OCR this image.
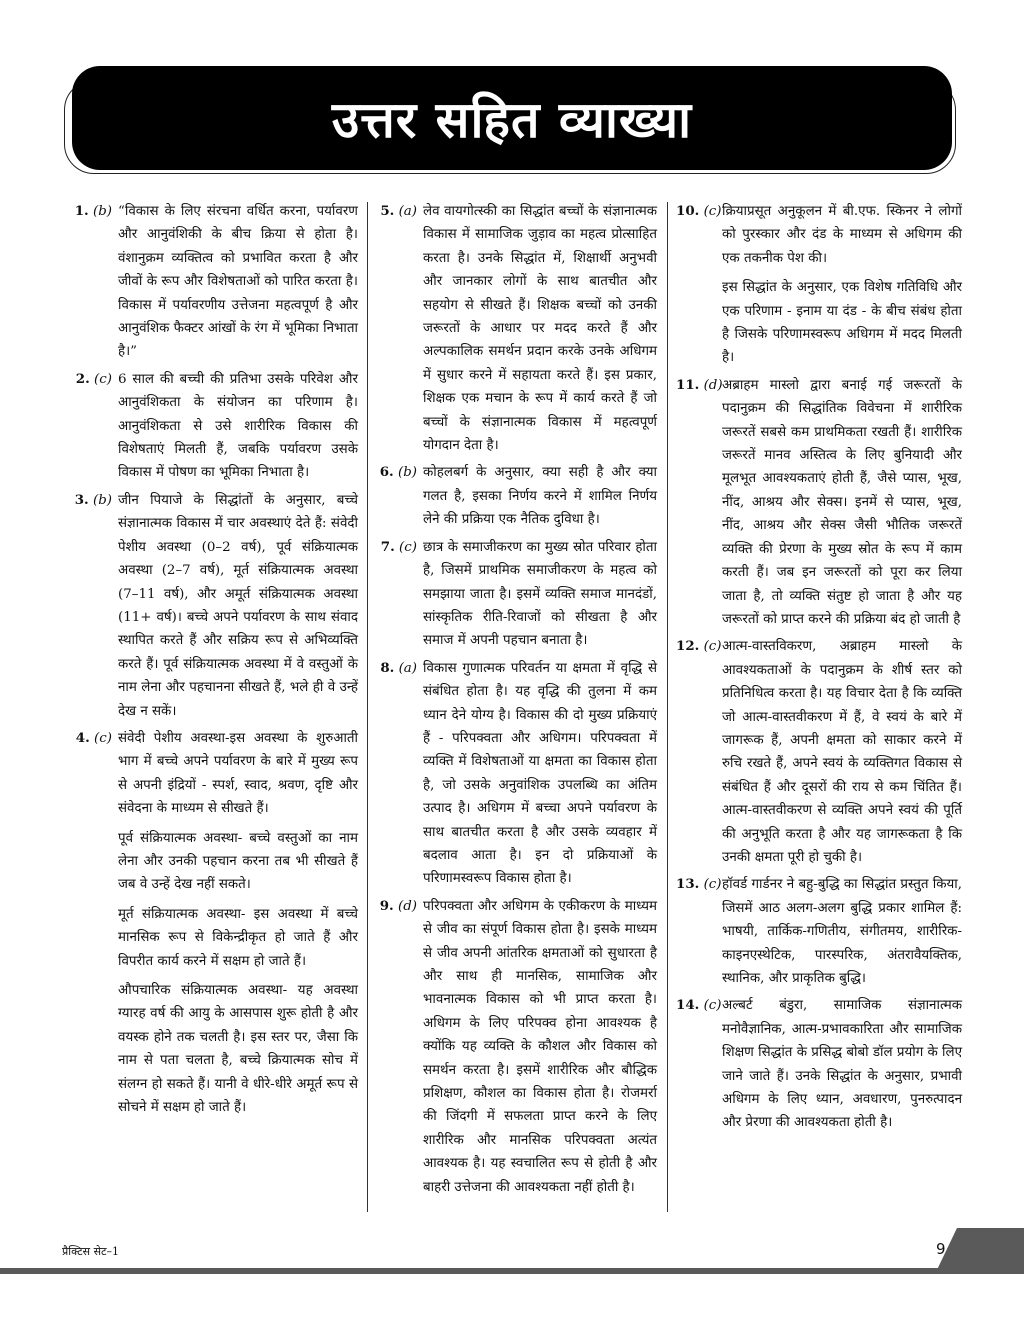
उत्तर सहित व्याख्या
1. (b) “विकास के लिए संरचना वर्धित करना, पर्यावरण और आनुवंशिकी के बीच क्रिया से होता है। वंशानुक्रम व्यक्तित्व को प्रभावित करता है और जीवों के रूप और विशेषताओं को पारित करता है। विकास में पर्यावरणीय उत्तेजना महत्वपूर्ण है और आनुवंशिक फैक्टर आंखों के रंग में भूमिका निभाता है।”

2. (c) 6 साल की बच्ची की प्रतिभा उसके परिवेश और आनुवंशिकता के संयोजन का परिणाम है। आनुवंशिकता से उसे शारीरिक विकास की विशेषताएं मिलती हैं, जबकि पर्यावरण उसके विकास में पोषण का भूमिका निभाता है।

3. (b) जीन पियाजे के सिद्धांतों के अनुसार, बच्चे संज्ञानात्मक विकास में चार अवस्थाएं देते हैं: संवेदी पेशीय अवस्था (0–2 वर्ष), पूर्व संक्रियात्मक अवस्था (2–7 वर्ष), मूर्त संक्रियात्मक अवस्था (7–11 वर्ष), और अमूर्त संक्रियात्मक अवस्था (11+ वर्ष)। बच्चे अपने पर्यावरण के साथ संवाद स्थापित करते हैं और सक्रिय रूप से अभिव्यक्ति करते हैं। पूर्व संक्रियात्मक अवस्था में वे वस्तुओं के नाम लेना और पहचानना सीखते हैं, भले ही वे उन्हें देख न सकें।

4. (c) संवेदी पेशीय अवस्था-इस अवस्था के शुरुआती भाग में बच्चे अपने पर्यावरण के बारे में मुख्य रूप से अपनी इंद्रियों - स्पर्श, स्वाद, श्रवण, दृष्टि और संवेदना के माध्यम से सीखते हैं।

पूर्व संक्रियात्मक अवस्था- बच्चे वस्तुओं का नाम लेना और उनकी पहचान करना तब भी सीखते हैं जब वे उन्हें देख नहीं सकते।

मूर्त संक्रियात्मक अवस्था- इस अवस्था में बच्चे मानसिक रूप से विकेन्द्रीकृत हो जाते हैं और विपरीत कार्य करने में सक्षम हो जाते हैं।

औपचारिक संक्रियात्मक अवस्था- यह अवस्था ग्यारह वर्ष की आयु के आसपास शुरू होती है और वयस्क होने तक चलती है। इस स्तर पर, जैसा कि नाम से पता चलता है, बच्चे क्रियात्मक सोच में संलग्न हो सकते हैं। यानी वे धीरे-धीरे अमूर्त रूप से सोचने में सक्षम हो जाते हैं।

5. (a) लेव वायगोत्स्की का सिद्धांत बच्चों के संज्ञानात्मक विकास में सामाजिक जुड़ाव का महत्व प्रोत्साहित करता है। उनके सिद्धांत में, शिक्षार्थी अनुभवी और जानकार लोगों के साथ बातचीत और सहयोग से सीखते हैं। शिक्षक बच्चों को उनकी जरूरतों के आधार पर मदद करते हैं और अल्पकालिक समर्थन प्रदान करके उनके अधिगम में सुधार करने में सहायता करते हैं। इस प्रकार, शिक्षक एक मचान के रूप में कार्य करते हैं जो बच्चों के संज्ञानात्मक विकास में महत्वपूर्ण योगदान देता है।

6. (b) कोहलबर्ग के अनुसार, क्या सही है और क्या गलत है, इसका निर्णय करने में शामिल निर्णय लेने की प्रक्रिया एक नैतिक दुविधा है।

7. (c) छात्र के समाजीकरण का मुख्य स्रोत परिवार होता है, जिसमें प्राथमिक समाजीकरण के महत्व को समझाया जाता है। इसमें व्यक्ति समाज मानदंडों, सांस्कृतिक रीति-रिवाजों को सीखता है और समाज में अपनी पहचान बनाता है।

8. (a) विकास गुणात्मक परिवर्तन या क्षमता में वृद्धि से संबंधित होता है। यह वृद्धि की तुलना में कम ध्यान देने योग्य है। विकास की दो मुख्य प्रक्रियाएं हैं - परिपक्वता और अधिगम। परिपक्वता में व्यक्ति में विशेषताओं या क्षमता का विकास होता है, जो उसके अनुवांशिक उपलब्धि का अंतिम उत्पाद है। अधिगम में बच्चा अपने पर्यावरण के साथ बातचीत करता है और उसके व्यवहार में बदलाव आता है। इन दो प्रक्रियाओं के परिणामस्वरूप विकास होता है।

9. (d) परिपक्वता और अधिगम के एकीकरण के माध्यम से जीव का संपूर्ण विकास होता है। इसके माध्यम से जीव अपनी आंतरिक क्षमताओं को सुधारता है और साथ ही मानसिक, सामाजिक और भावनात्मक विकास को भी प्राप्त करता है। अधिगम के लिए परिपक्व होना आवश्यक है क्योंकि यह व्यक्ति के कौशल और विकास को समर्थन करता है। इसमें शारीरिक और बौद्धिक प्रशिक्षण, कौशल का विकास होता है। रोजमर्रा की जिंदगी में सफलता प्राप्त करने के लिए शारीरिक और मानसिक परिपक्वता अत्यंत आवश्यक है। यह स्वचालित रूप से होती है और बाहरी उत्तेजना की आवश्यकता नहीं होती है।

10. (c) क्रियाप्रसूत अनुकूलन में बी.एफ. स्किनर ने लोगों को पुरस्कार और दंड के माध्यम से अधिगम की एक तकनीक पेश की।

इस सिद्धांत के अनुसार, एक विशेष गतिविधि और एक परिणाम - इनाम या दंड - के बीच संबंध होता है जिसके परिणामस्वरूप अधिगम में मदद मिलती है।

11. (d) अब्राहम मास्लो द्वारा बनाई गई जरूरतों के पदानुक्रम की सिद्धांतिक विवेचना में शारीरिक जरूरतें सबसे कम प्राथमिकता रखती हैं। शारीरिक जरूरतें मानव अस्तित्व के लिए बुनियादी और मूलभूत आवश्यकताएं होती हैं, जैसे प्यास, भूख, नींद, आश्रय और सेक्स। इनमें से प्यास, भूख, नींद, आश्रय और सेक्स जैसी भौतिक जरूरतें व्यक्ति की प्रेरणा के मुख्य स्रोत के रूप में काम करती हैं। जब इन जरूरतों को पूरा कर लिया जाता है, तो व्यक्ति संतुष्ट हो जाता है और यह जरूरतों को प्राप्त करने की प्रक्रिया बंद हो जाती है

12. (c) आत्म-वास्तविकरण, अब्राहम मास्लो के आवश्यकताओं के पदानुक्रम के शीर्ष स्तर को प्रतिनिधित्व करता है। यह विचार देता है कि व्यक्ति जो आत्म-वास्तवीकरण में हैं, वे स्वयं के बारे में जागरूक हैं, अपनी क्षमता को साकार करने में रुचि रखते हैं, अपने स्वयं के व्यक्तिगत विकास से संबंधित हैं और दूसरों की राय से कम चिंतित हैं। आत्म-वास्तवीकरण से व्यक्ति अपने स्वयं की पूर्ति की अनुभूति करता है और यह जागरूकता है कि उनकी क्षमता पूरी हो चुकी है।

13. (c) हॉवर्ड गार्डनर ने बहु-बुद्धि का सिद्धांत प्रस्तुत किया, जिसमें आठ अलग-अलग बुद्धि प्रकार शामिल हैं: भाषयी, तार्किक-गणितीय, संगीतमय, शारीरिक-काइनएस्थेटिक, पारस्परिक, अंतरावैयक्तिक, स्थानिक, और प्राकृतिक बुद्धि।

14. (c) अल्बर्ट बंडुरा, सामाजिक संज्ञानात्मक मनोवैज्ञानिक, आत्म-प्रभावकारिता और सामाजिक शिक्षण सिद्धांत के प्रसिद्ध बोबो डॉल प्रयोग के लिए जाने जाते हैं। उनके सिद्धांत के अनुसार, प्रभावी अधिगम के लिए ध्यान, अवधारण, पुनरुत्पादन और प्रेरणा की आवश्यकता होती है।

प्रैक्टिस सेट–1	9
